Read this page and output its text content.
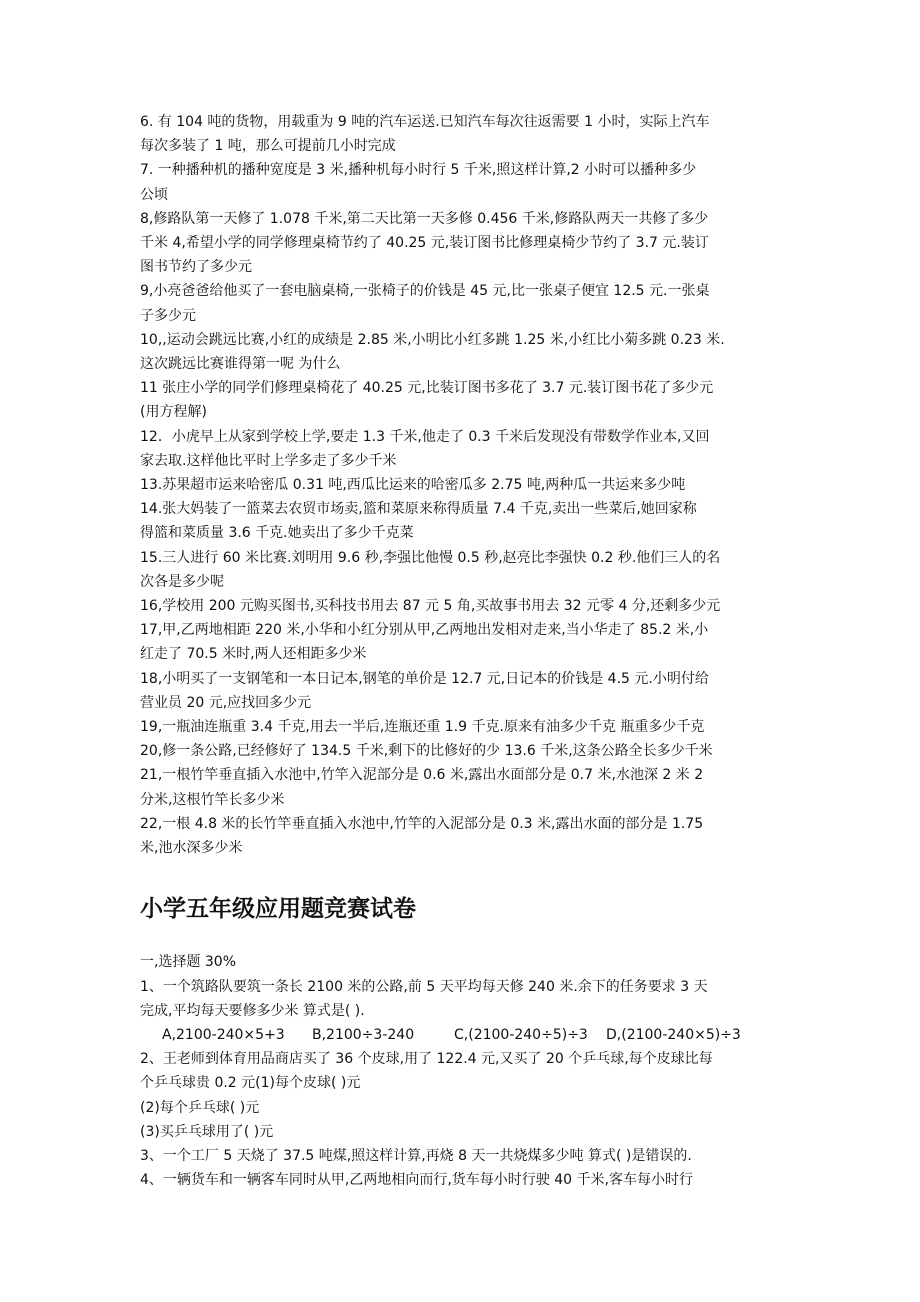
6. 有 104 吨的货物，用载重为 9 吨的汽车运送.已知汽车每次往返需要 1 小时，实际上汽车

每次多装了 1 吨，那么可提前几小时完成

7. 一种播种机的播种宽度是 3 米,播种机每小时行 5 千米,照这样计算,2 小时可以播种多少

公顷

8,修路队第一天修了 1.078 千米,第二天比第一天多修 0.456 千米,修路队两天一共修了多少

千米 4,希望小学的同学修理桌椅节约了 40.25 元,装订图书比修理桌椅少节约了 3.7 元.装订

图书节约了多少元

9,小亮爸爸给他买了一套电脑桌椅,一张椅子的价钱是 45 元,比一张桌子便宜 12.5 元.一张桌

子多少元

10,,运动会跳远比赛,小红的成绩是 2.85 米,小明比小红多跳 1.25 米,小红比小菊多跳 0.23 米.

这次跳远比赛谁得第一呢 为什么

11 张庄小学的同学们修理桌椅花了 40.25 元,比装订图书多花了 3.7 元.装订图书花了多少元

(用方程解)

12．小虎早上从家到学校上学,要走 1.3 千米,他走了 0.3 千米后发现没有带数学作业本,又回

家去取.这样他比平时上学多走了多少千米

13.苏果超市运来哈密瓜 0.31 吨,西瓜比运来的哈密瓜多 2.75 吨,两种瓜一共运来多少吨

14.张大妈装了一篮菜去农贸市场卖,篮和菜原来称得质量 7.4 千克,卖出一些菜后,她回家称

得篮和菜质量 3.6 千克.她卖出了多少千克菜

15.三人进行 60 米比赛.刘明用 9.6 秒,李强比他慢 0.5 秒,赵亮比李强快 0.2 秒.他们三人的名

次各是多少呢

16,学校用 200 元购买图书,买科技书用去 87 元 5 角,买故事书用去 32 元零 4 分,还剩多少元

17,甲,乙两地相距 220 米,小华和小红分别从甲,乙两地出发相对走来,当小华走了 85.2 米,小

红走了 70.5 米时,两人还相距多少米

18,小明买了一支钢笔和一本日记本,钢笔的单价是 12.7 元,日记本的价钱是 4.5 元.小明付给

营业员 20 元,应找回多少元

19,一瓶油连瓶重 3.4 千克,用去一半后,连瓶还重 1.9 千克.原来有油多少千克 瓶重多少千克

20,修一条公路,已经修好了 134.5 千米,剩下的比修好的少 13.6 千米,这条公路全长多少千米

21,一根竹竿垂直插入水池中,竹竿入泥部分是 0.6 米,露出水面部分是 0.7 米,水池深 2 米 2

分米,这根竹竿长多少米

22,一根 4.8 米的长竹竿垂直插入水池中,竹竿的入泥部分是 0.3 米,露出水面的部分是 1.75

米,池水深多少米

小学五年级应用题竞赛试卷

一,选择题 30%

1、一个筑路队要筑一条长 2100 米的公路,前 5 天平均每天修 240 米.余下的任务要求 3 天

完成,平均每天要修多少米 算式是( ).

A,2100-240×5+3	B,2100÷3-240	C,(2100-240÷5)÷3	D,(2100-240×5)÷3

2、王老师到体育用品商店买了 36 个皮球,用了 122.4 元,又买了 20 个乒乓球,每个皮球比每

个乒乓球贵 0.2 元(1)每个皮球( )元

(2)每个乒乓球( )元

(3)买乒乓球用了( )元

3、一个工厂 5 天烧了 37.5 吨煤,照这样计算,再烧 8 天一共烧煤多少吨 算式( )是错误的.

4、一辆货车和一辆客车同时从甲,乙两地相向而行,货车每小时行驶 40 千米,客车每小时行
